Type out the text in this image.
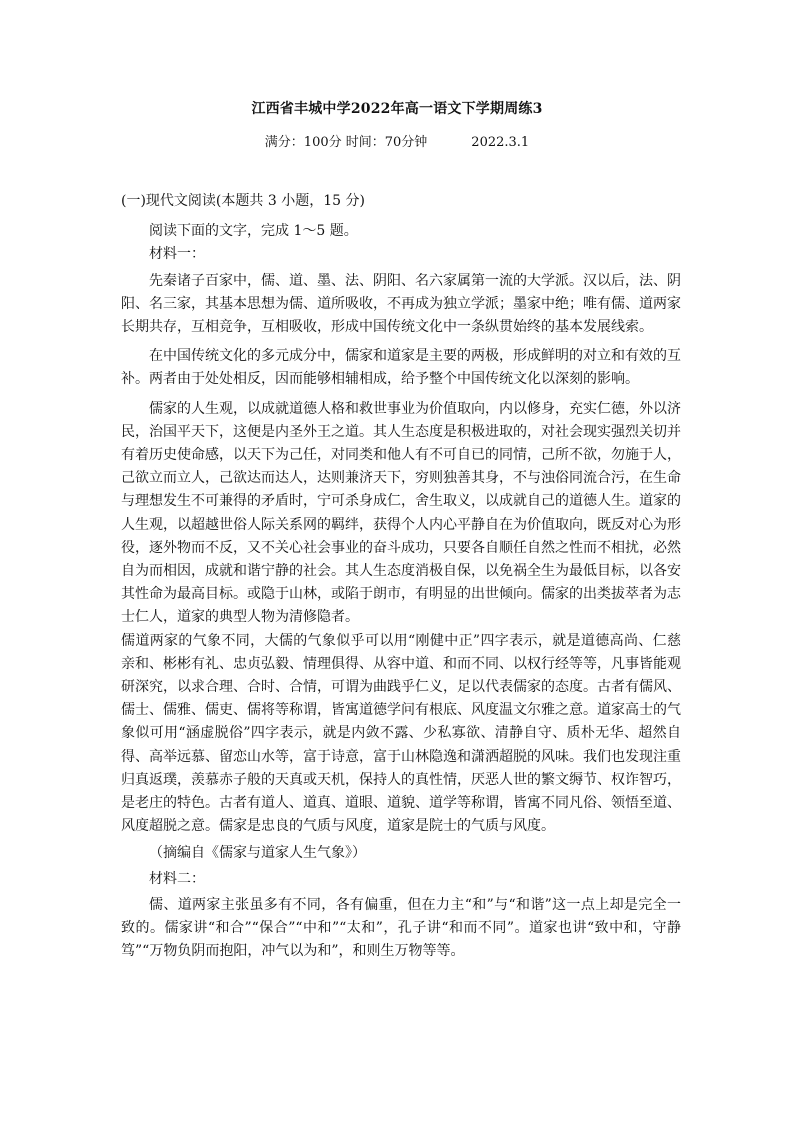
江西省丰城中学2022年高一语文下学期周练3
满分：100分 时间：70分钟	2022.3.1

(一)现代文阅读(本题共 3 小题，15 分)

阅读下面的文字，完成 1～5 题。

材料一：

先秦诸子百家中，儒、道、墨、法、阴阳、名六家属第一流的大学派。汉以后，法、阴阳、名三家，其基本思想为儒、道所吸收，不再成为独立学派；墨家中绝；唯有儒、道两家长期共存，互相竞争，互相吸收，形成中国传统文化中一条纵贯始终的基本发展线索。

在中国传统文化的多元成分中，儒家和道家是主要的两极，形成鲜明的对立和有效的互补。两者由于处处相反，因而能够相辅相成，给予整个中国传统文化以深刻的影响。

儒家的人生观，以成就道德人格和救世事业为价值取向，内以修身，充实仁德，外以济民，治国平天下，这便是内圣外王之道。其人生态度是积极进取的，对社会现实强烈关切并有着历史使命感，以天下为己任，对同类和他人有不可自已的同情，己所不欲，勿施于人，己欲立而立人，己欲达而达人，达则兼济天下，穷则独善其身，不与浊俗同流合污，在生命与理想发生不可兼得的矛盾时，宁可杀身成仁，舍生取义，以成就自己的道德人生。道家的人生观，以超越世俗人际关系网的羁绊，获得个人内心平静自在为价值取向，既反对心为形役，逐外物而不反，又不关心社会事业的奋斗成功，只要各自顺任自然之性而不相扰，必然自为而相因，成就和谐宁静的社会。其人生态度消极自保，以免祸全生为最低目标，以各安其性命为最高目标。或隐于山林，或陷于朗市，有明显的出世倾向。儒家的出类拔萃者为志士仁人，道家的典型人物为清修隐者。

儒道两家的气象不同，大儒的气象似乎可以用“刚健中正”四字表示，就是道德高尚、仁慈亲和、彬彬有礼、忠贞弘毅、情理俱得、从容中道、和而不同、以权行经等等，凡事皆能观研深究，以求合理、合时、合情，可谓为曲践乎仁义，足以代表儒家的态度。古者有儒风、儒士、儒雅、儒吏、儒将等称谓，皆寓道德学问有根底、风度温文尔雅之意。道家高士的气象似可用“涵虚脱俗”四字表示，就是内敛不露、少私寡欲、清静自守、质朴无华、超然自得、高举远慕、留恋山水等，富于诗意，富于山林隐逸和潇洒超脱的风味。我们也发现注重归真返璞，羡慕赤子般的天真或天机，保持人的真性情，厌恶人世的繁文缛节、权诈智巧，是老庄的特色。古者有道人、道真、道眼、道貌、道学等称谓，皆寓不同凡俗、领悟至道、风度超脱之意。儒家是忠良的气质与风度，道家是院士的气质与风度。

（摘编自《儒家与道家人生气象》）

材料二：

儒、道两家主张虽多有不同，各有偏重，但在力主“和”与“和谐”这一点上却是完全一致的。儒家讲“和合”“保合”“中和”“太和”，孔子讲“和而不同”。道家也讲“致中和，守静笃”“万物负阴而抱阳，冲气以为和”，和则生万物等等。
